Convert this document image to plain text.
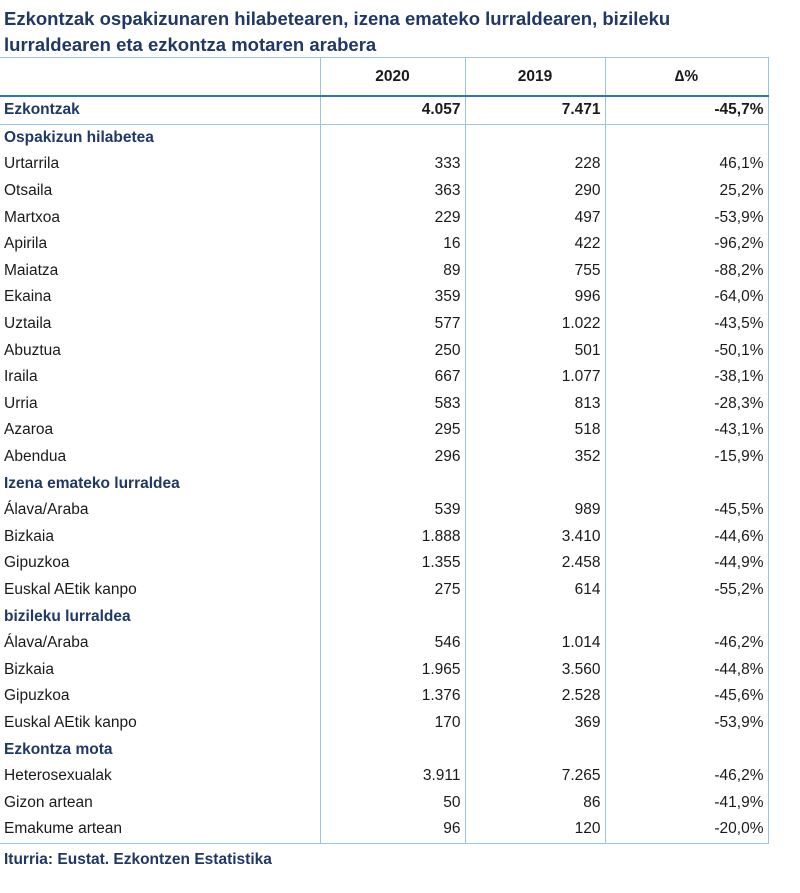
Ezkontzak ospakizunaren hilabetearen, izena emateko lurraldearen, bizileku lurraldearen eta ezkontza motaren arabera
	2020	2019	∆%
Ezkontzak	4.057	7.471	-45,7%
Ospakizun hilabetea			
Urtarrila	333	228	46,1%
Otsaila	363	290	25,2%
Martxoa	229	497	-53,9%
Apirila	16	422	-96,2%
Maiatza	89	755	-88,2%
Ekaina	359	996	-64,0%
Uztaila	577	1.022	-43,5%
Abuztua	250	501	-50,1%
Iraila	667	1.077	-38,1%
Urria	583	813	-28,3%
Azaroa	295	518	-43,1%
Abendua	296	352	-15,9%
Izena emateko lurraldea			
Álava/Araba	539	989	-45,5%
Bizkaia	1.888	3.410	-44,6%
Gipuzkoa	1.355	2.458	-44,9%
Euskal AEtik kanpo	275	614	-55,2%
bizileku lurraldea			
Álava/Araba	546	1.014	-46,2%
Bizkaia	1.965	3.560	-44,8%
Gipuzkoa	1.376	2.528	-45,6%
Euskal AEtik kanpo	170	369	-53,9%
Ezkontza mota			
Heterosexualak	3.911	7.265	-46,2%
Gizon artean	50	86	-41,9%
Emakume artean	96	120	-20,0%
Iturria: Eustat. Ezkontzen Estatistika
